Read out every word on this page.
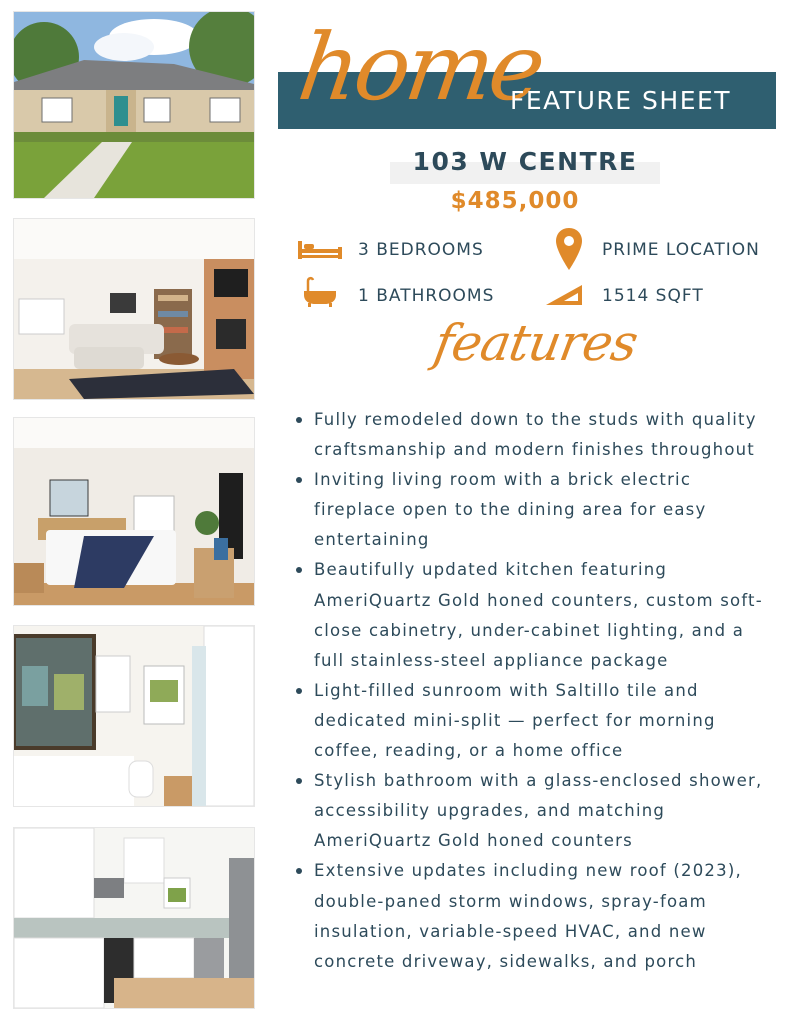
home
FEATURE SHEET
103 W CENTRE
$485,000
3 BEDROOMS	PRIME LOCATION
1 BATHROOMS	1514 SQFT
features
Fully remodeled down to the studs with quality craftsmanship and modern finishes throughout
Inviting living room with a brick electric fireplace open to the dining area for easy entertaining
Beautifully updated kitchen featuring AmeriQuartz Gold honed counters, custom soft-close cabinetry, under-cabinet lighting, and a full stainless-steel appliance package
Light-filled sunroom with Saltillo tile and dedicated mini-split — perfect for morning coffee, reading, or a home office
Stylish bathroom with a glass-enclosed shower, accessibility upgrades, and matching AmeriQuartz Gold honed counters
Extensive updates including new roof (2023), double-paned storm windows, spray-foam insulation, variable-speed HVAC, and new concrete driveway, sidewalks, and porch
